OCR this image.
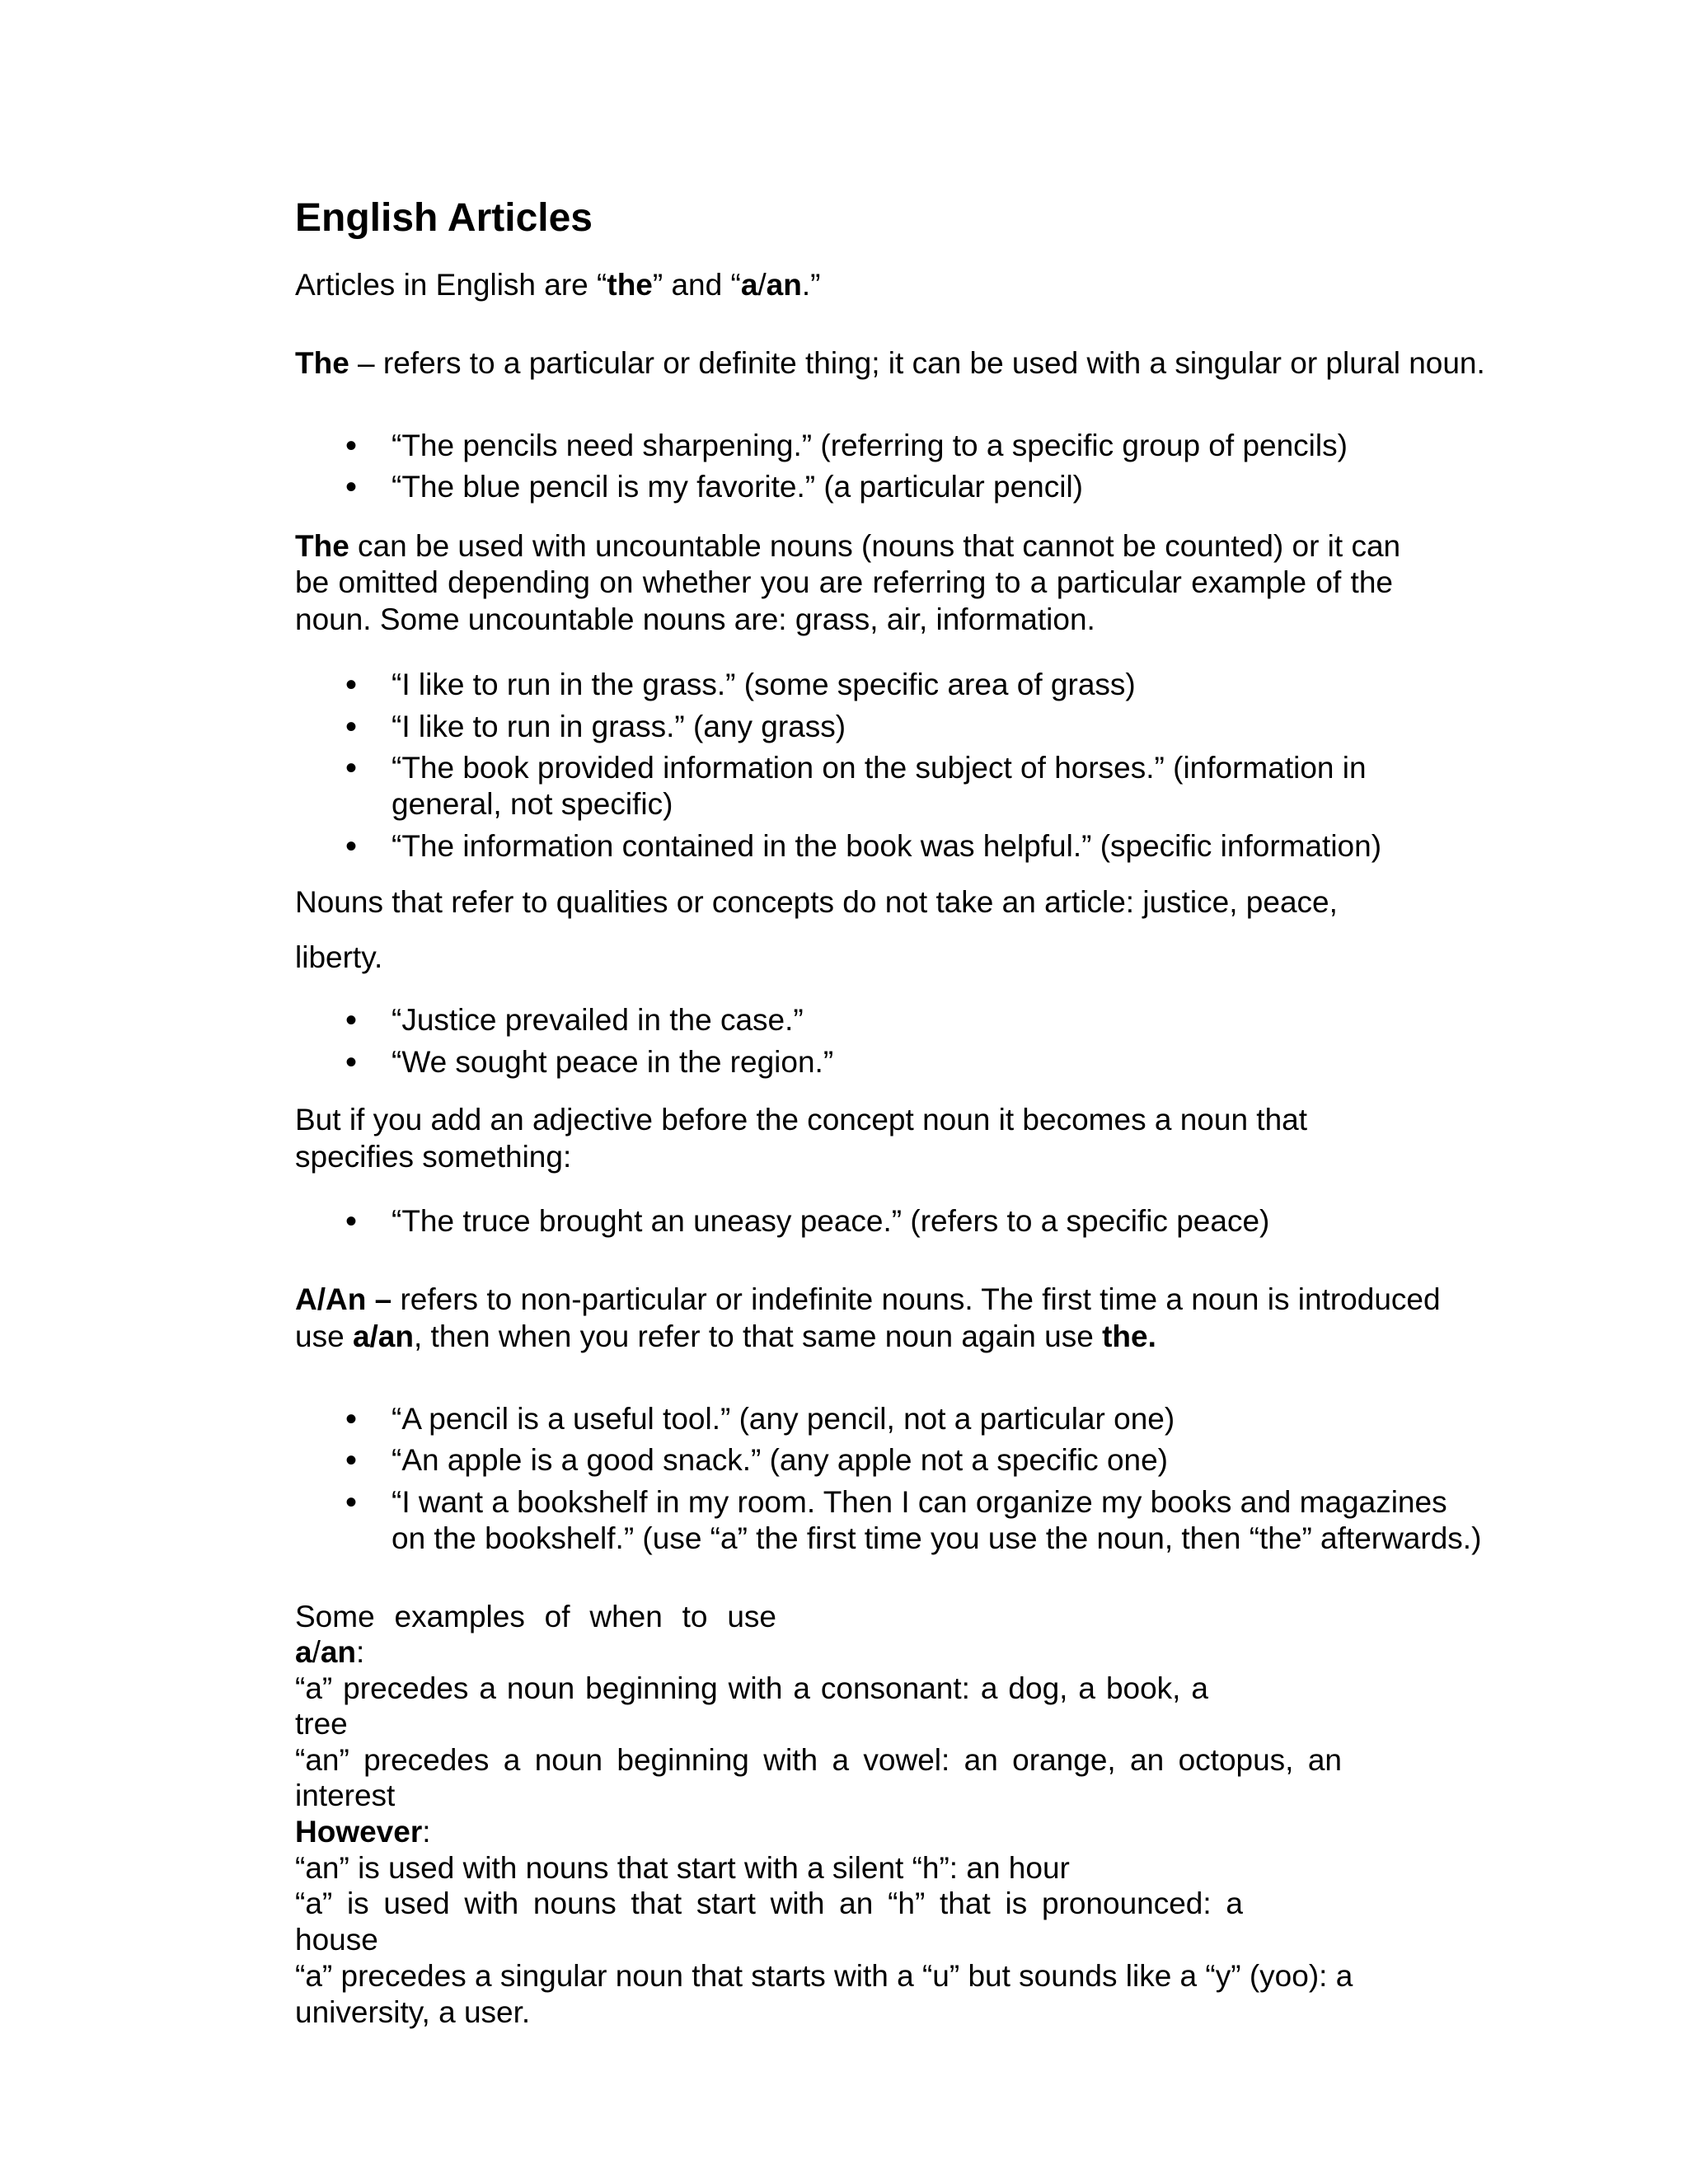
English Articles
Articles in English are “the” and “a/an.”
The – refers to a particular or definite thing; it can be used with a singular or plural noun.
• “The pencils need sharpening.” (referring to a specific group of pencils)
• “The blue pencil is my favorite.” (a particular pencil)
The can be used with uncountable nouns (nouns that cannot be counted) or it can
be omitted depending on whether you are referring to a particular example of the
noun. Some uncountable nouns are: grass, air, information.
• “I like to run in the grass.” (some specific area of grass)
• “I like to run in grass.” (any grass)
• “The book provided information on the subject of horses.” (information in
general, not specific)
• “The information contained in the book was helpful.” (specific information)
Nouns that refer to qualities or concepts do not take an article: justice, peace,
liberty.
• “Justice prevailed in the case.”
• “We sought peace in the region.”
But if you add an adjective before the concept noun it becomes a noun that
specifies something:
• “The truce brought an uneasy peace.” (refers to a specific peace)
A/An – refers to non-particular or indefinite nouns. The first time a noun is introduced
use a/an, then when you refer to that same noun again use the.
• “A pencil is a useful tool.” (any pencil, not a particular one)
• “An apple is a good snack.” (any apple not a specific one)
• “I want a bookshelf in my room. Then I can organize my books and magazines
on the bookshelf.” (use “a” the first time you use the noun, then “the” afterwards.)
Some examples of when to use
a/an:
“a” precedes a noun beginning with a consonant: a dog, a book, a
tree
“an” precedes a noun beginning with a vowel: an orange, an octopus, an
interest
However:
“an” is used with nouns that start with a silent “h”: an hour
“a” is used with nouns that start with an “h” that is pronounced: a
house
“a” precedes a singular noun that starts with a “u” but sounds like a “y” (yoo): a
university, a user.
